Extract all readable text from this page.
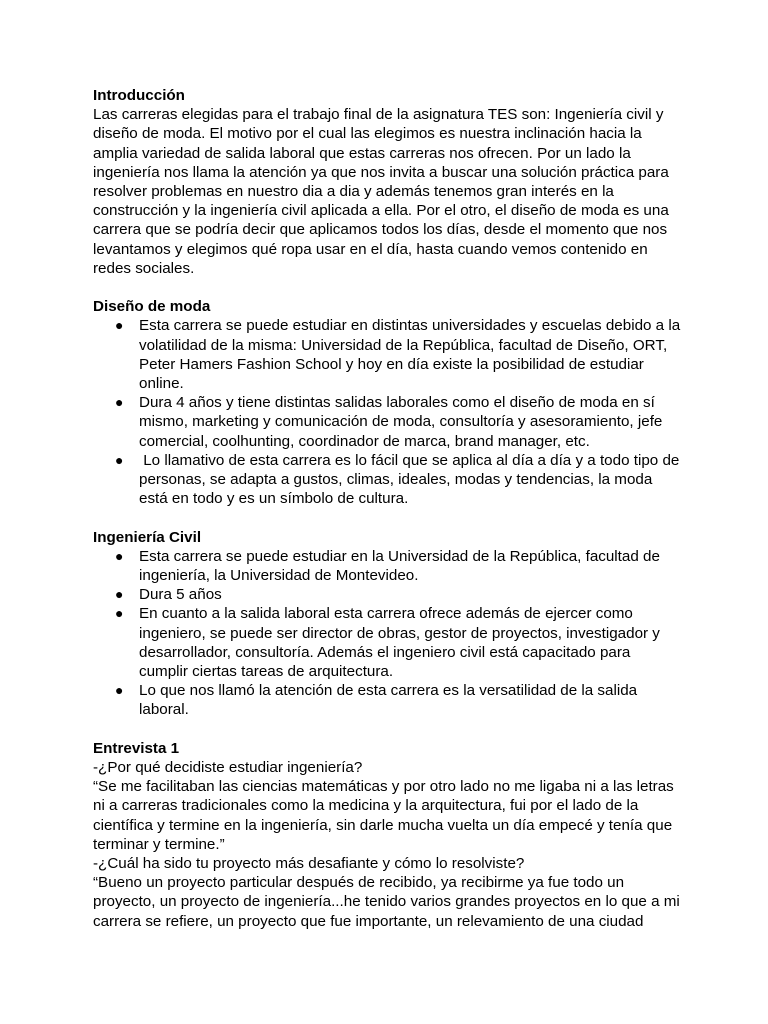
Introducción

Las carreras elegidas para el trabajo final de la asignatura TES son: Ingeniería civil y diseño de moda. El motivo por el cual las elegimos es nuestra inclinación hacia la amplia variedad de salida laboral que estas carreras nos ofrecen. Por un lado la ingeniería nos llama la atención ya que nos invita a buscar una solución práctica para resolver problemas en nuestro dia a dia y además tenemos gran interés en la construcción y la ingeniería civil aplicada a ella. Por el otro, el diseño de moda es una carrera que se podría decir que aplicamos todos los días, desde el momento que nos levantamos y elegimos qué ropa usar en el día, hasta cuando vemos contenido en redes sociales.

Diseño de moda

● Esta carrera se puede estudiar en distintas universidades y escuelas debido a la volatilidad de la misma: Universidad de la República, facultad de Diseño, ORT, Peter Hamers Fashion School y hoy en día existe la posibilidad de estudiar online.
● Dura 4 años y tiene distintas salidas laborales como el diseño de moda en sí mismo, marketing y comunicación de moda, consultoría y asesoramiento, jefe comercial, coolhunting, coordinador de marca, brand manager, etc.
● Lo llamativo de esta carrera es lo fácil que se aplica al día a día y a todo tipo de personas, se adapta a gustos, climas, ideales, modas y tendencias, la moda está en todo y es un símbolo de cultura.

Ingeniería Civil

● Esta carrera se puede estudiar en la Universidad de la República, facultad de ingeniería, la Universidad de Montevideo.
● Dura 5 años
● En cuanto a la salida laboral esta carrera ofrece además de ejercer como ingeniero, se puede ser director de obras, gestor de proyectos, investigador y desarrollador, consultoría. Además el ingeniero civil está capacitado para cumplir ciertas tareas de arquitectura.
● Lo que nos llamó la atención de esta carrera es la versatilidad de la salida laboral.

Entrevista 1

-¿Por qué decidiste estudiar ingeniería?

“Se me facilitaban las ciencias matemáticas y por otro lado no me ligaba ni a las letras ni a carreras tradicionales como la medicina y la arquitectura, fui por el lado de la científica y termine en la ingeniería, sin darle mucha vuelta un día empecé y tenía que terminar y termine.”

-¿Cuál ha sido tu proyecto más desafiante y cómo lo resolviste?

“Bueno un proyecto particular después de recibido, ya recibirme ya fue todo un proyecto, un proyecto de ingeniería...he tenido varios grandes proyectos en lo que a mi carrera se refiere, un proyecto que fue importante, un relevamiento de una ciudad
